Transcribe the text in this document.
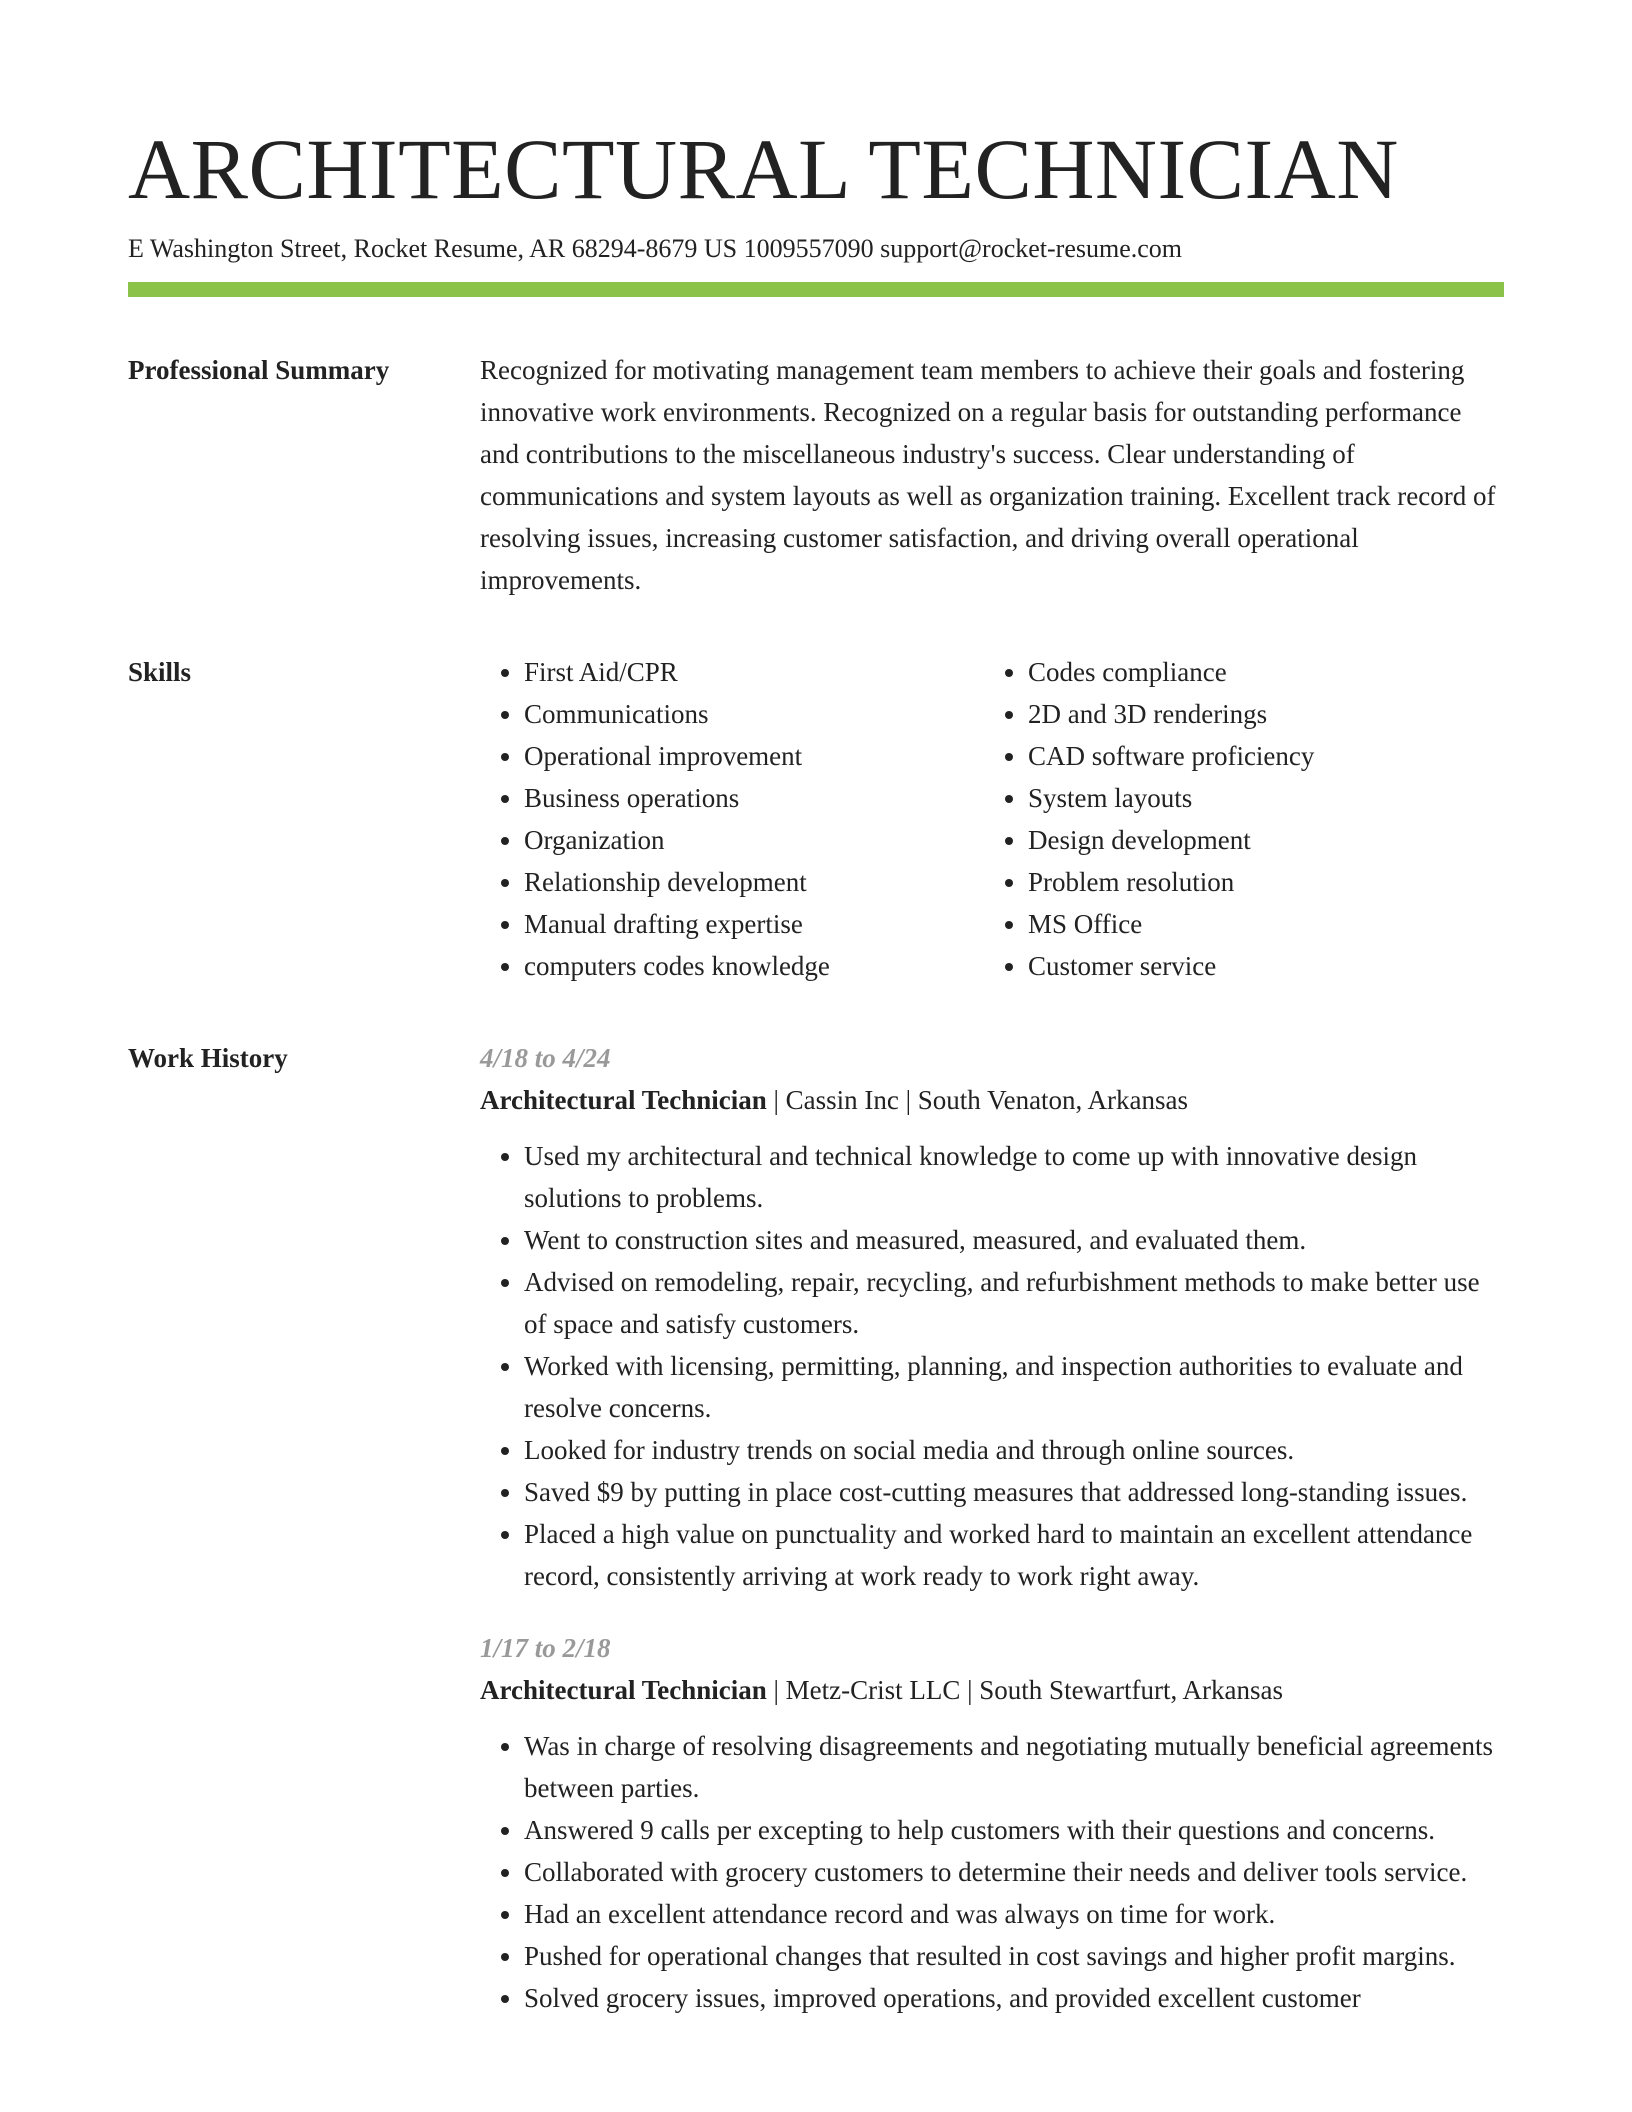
ARCHITECTURAL TECHNICIAN
E Washington Street, Rocket Resume, AR 68294-8679 US 1009557090 support@rocket-resume.com
Professional Summary	Recognized for motivating management team members to achieve their goals and fostering innovative work environments. Recognized on a regular basis for outstanding performance and contributions to the miscellaneous industry's success. Clear understanding of communications and system layouts as well as organization training. Excellent track record of resolving issues, increasing customer satisfaction, and driving overall operational improvements.

Skills
•	First Aid/CPR
• Communications
• Operational improvement
• Business operations
• Organization
• Relationship development
• Manual drafting expertise
• computers codes knowledge
• Codes compliance
• 2D and 3D renderings
• CAD software proficiency
• System layouts
• Design development
• Problem resolution
• MS Office
• Customer service
Work History	4/18 to 4/24
Architectural Technician | Cassin Inc | South Venaton, Arkansas
• Used my architectural and technical knowledge to come up with innovative design solutions to problems.
• Went to construction sites and measured, measured, and evaluated them.
• Advised on remodeling, repair, recycling, and refurbishment methods to make better use of space and satisfy customers.
• Worked with licensing, permitting, planning, and inspection authorities to evaluate and resolve concerns.
• Looked for industry trends on social media and through online sources.
• Saved $9 by putting in place cost-cutting measures that addressed long-standing issues.
• Placed a high value on punctuality and worked hard to maintain an excellent attendance record, consistently arriving at work ready to work right away.
1/17 to 2/18
Architectural Technician | Metz-Crist LLC | South Stewartfurt, Arkansas
• Was in charge of resolving disagreements and negotiating mutually beneficial agreements between parties.
• Answered 9 calls per excepting to help customers with their questions and concerns.
• Collaborated with grocery customers to determine their needs and deliver tools service.
• Had an excellent attendance record and was always on time for work.
• Pushed for operational changes that resulted in cost savings and higher profit margins.
• Solved grocery issues, improved operations, and provided excellent customer
